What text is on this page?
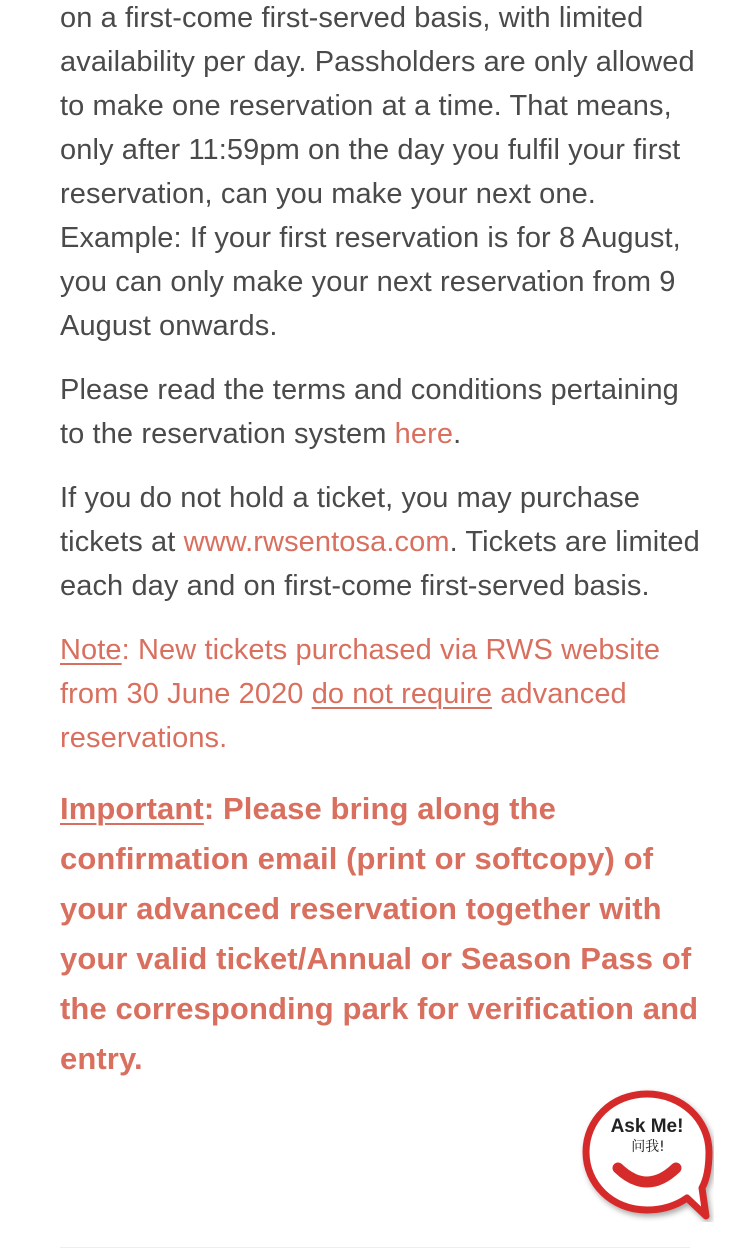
on a first-come first-served basis, with limited availability per day. Passholders are only allowed to make one reservation at a time. That means, only after 11:59pm on the day you fulfil your first reservation, can you make your next one. Example: If your first reservation is for 8 August, you can only make your next reservation from 9 August onwards.

Please read the terms and conditions pertaining to the reservation system here.

If you do not hold a ticket, you may purchase tickets at www.rwsentosa.com. Tickets are limited each day and on first-come first-served basis.

Note: New tickets purchased via RWS website from 30 June 2020 do not require advanced reservations.

Important: Please bring along the confirmation email (print or softcopy) of your advanced reservation together with your valid ticket/Annual or Season Pass of the corresponding park for verification and entry.

Ask Me!
问我!
